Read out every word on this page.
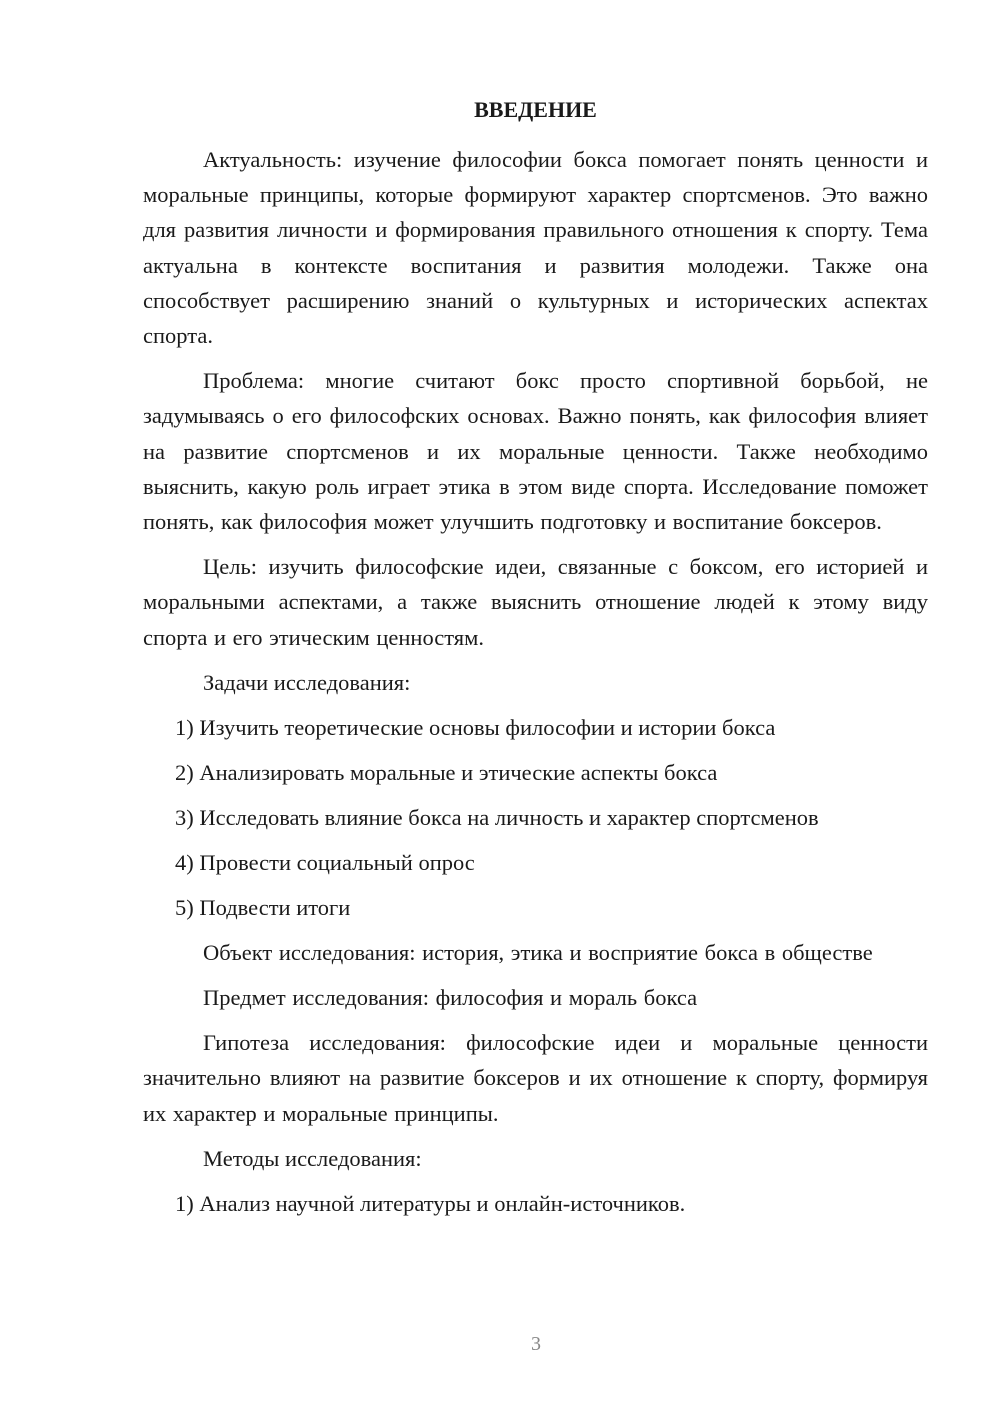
ВВЕДЕНИЕ

Актуальность: изучение философии бокса помогает понять ценности и моральные принципы, которые формируют характер спортсменов. Это важно для развития личности и формирования правильного отношения к спорту. Тема актуальна в контексте воспитания и развития молодежи. Также она способствует расширению знаний о культурных и исторических аспектах спорта.

Проблема: многие считают бокс просто спортивной борьбой, не задумываясь о его философских основах. Важно понять, как философия влияет на развитие спортсменов и их моральные ценности. Также необходимо выяснить, какую роль играет этика в этом виде спорта. Исследование поможет понять, как философия может улучшить подготовку и воспитание боксеров.

Цель: изучить философские идеи, связанные с боксом, его историей и моральными аспектами, а также выяснить отношение людей к этому виду спорта и его этическим ценностям.

Задачи исследования:
1) Изучить теоретические основы философии и истории бокса
2) Анализировать моральные и этические аспекты бокса
3) Исследовать влияние бокса на личность и характер спортсменов
4) Провести социальный опрос
5) Подвести итоги

Объект исследования: история, этика и восприятие бокса в обществе

Предмет исследования: философия и мораль бокса

Гипотеза исследования: философские идеи и моральные ценности значительно влияют на развитие боксеров и их отношение к спорту, формируя их характер и моральные принципы.

Методы исследования:
1) Анализ научной литературы и онлайн-источников.
3
